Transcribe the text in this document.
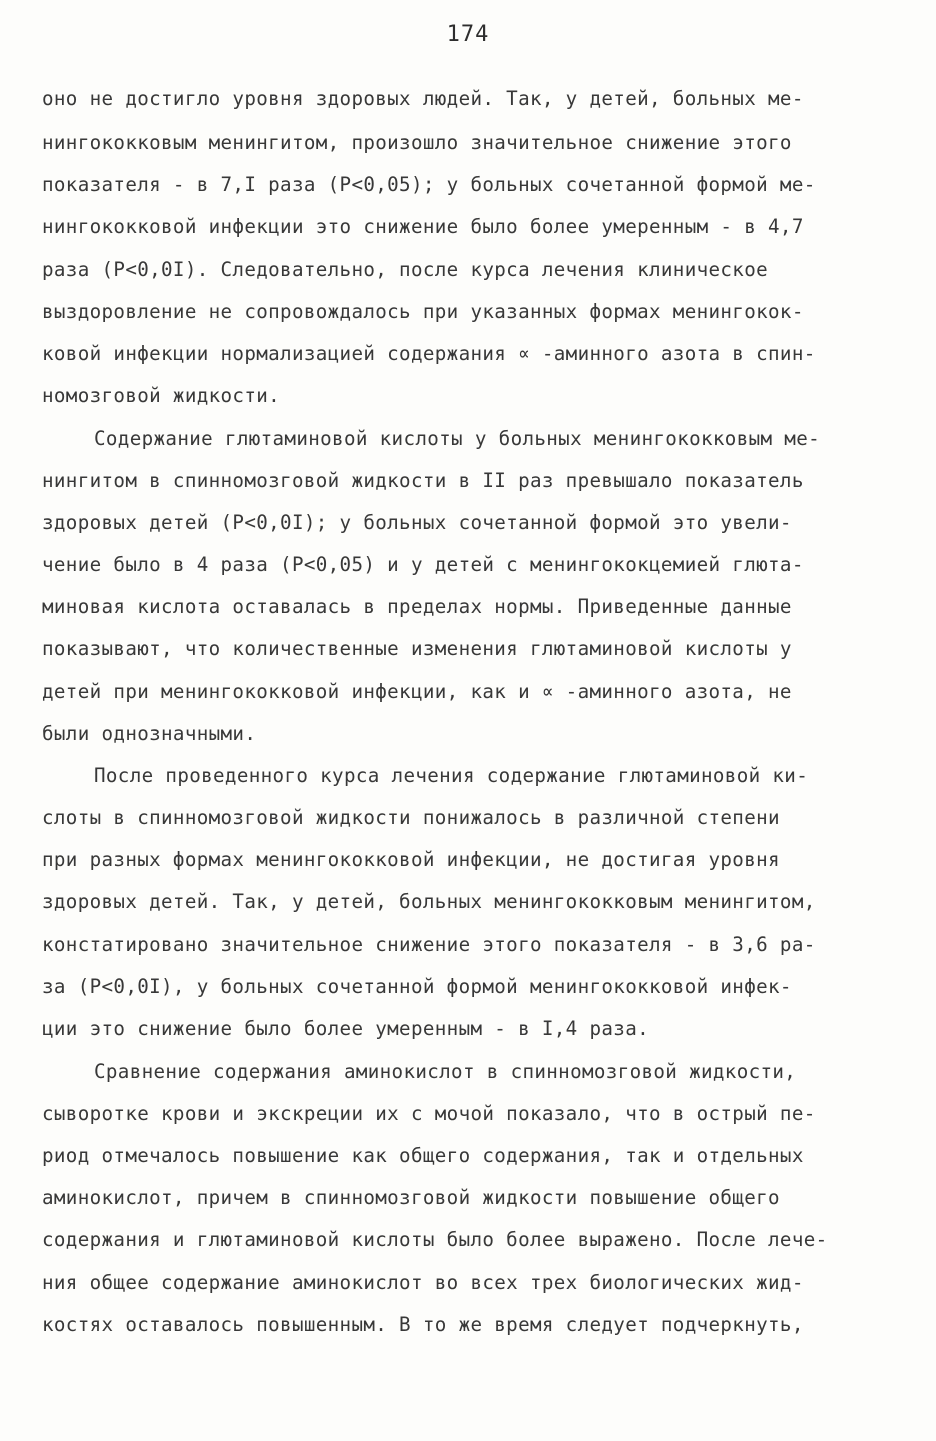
174
оно не достигло уровня здоровых людей. Так, у детей, больных ме-
нингококковым менингитом, произошло значительное снижение этого
показателя - в 7,I раза (Р<0,05); у больных сочетанной формой ме-
нингококковой инфекции это снижение было более умеренным - в 4,7
раза (Р<0,0I). Следовательно, после курса лечения клиническое
выздоровление не сопровождалось при указанных формах менингокок-
ковой инфекции нормализацией содержания ∝ -аминного азота в спин-
номозговой жидкости.
Содержание глютаминовой кислоты у больных менингококковым ме-
нингитом в спинномозговой жидкости в II раз превышало показатель
здоровых детей (Р<0,0I); у больных сочетанной формой это увели-
чение было в 4 раза (Р<0,05) и у детей с менингококцемией глюта-
миновая кислота оставалась в пределах нормы. Приведенные данные
показывают, что количественные изменения глютаминовой кислоты у
детей при менингококковой инфекции, как и ∝ -аминного азота, не
были однозначными.
После проведенного курса лечения содержание глютаминовой ки-
слоты в спинномозговой жидкости понижалось в различной степени
при разных формах менингококковой инфекции, не достигая уровня
здоровых детей. Так, у детей, больных менингококковым менингитом,
констатировано значительное снижение этого показателя - в 3,6 ра-
за (Р<0,0I), у больных сочетанной формой менингококковой инфек-
ции это снижение было более умеренным - в I,4 раза.
Сравнение содержания аминокислот в спинномозговой жидкости,
сыворотке крови и экскреции их с мочой показало, что в острый пе-
риод отмечалось повышение как общего содержания, так и отдельных
аминокислот, причем в спинномозговой жидкости повышение общего
содержания и глютаминовой кислоты было более выражено. После лече-
ния общее содержание аминокислот во всех трех биологических жид-
костях оставалось повышенным. В то же время следует подчеркнуть,
